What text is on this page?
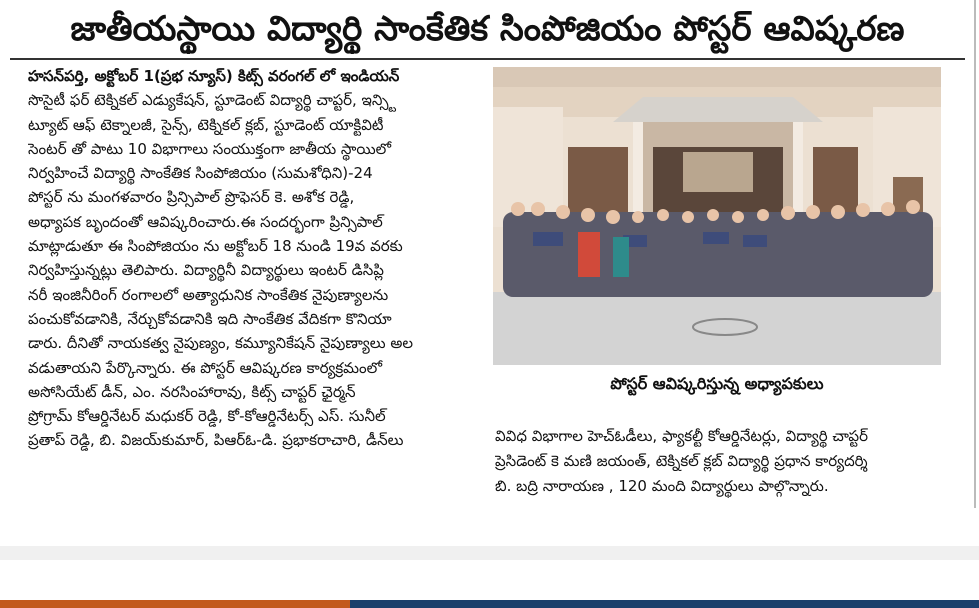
జాతీయస్థాయి విద్యార్థి సాంకేతిక సింపోజియం పోస్టర్ ఆవిష్కరణ
హసన్‌పర్తి, అక్టోబర్ 1(ప్రభ న్యూస్) కిట్స్ వరంగల్ లో ఇండియన్
సొసైటీ ఫర్ టెక్నికల్ ఎడ్యుకేషన్, స్టూడెంట్ విద్యార్థి చాప్టర్, ఇన్స్టి
ట్యూట్ ఆఫ్ టెక్నాలజీ, సైన్స్, టెక్నికల్ క్లబ్, స్టూడెంట్ యాక్టివిటీ
సెంటర్ తో పాటు 10 విభాగాలు సంయుక్తంగా జాతీయ స్థాయిలో
నిర్వహించే విద్యార్థి సాంకేతిక సింపోజియం (సుమశోధిని)-24
పోస్టర్ ను మంగళవారం ప్రిన్సిపాల్ ప్రొఫెసర్ కె. అశోక రెడ్డి,
అధ్యాపక బృందంతో ఆవిష్కరించారు.ఈ సందర్భంగా ప్రిన్సిపాల్
మాట్లాడుతూ ఈ సింపోజియం ను అక్టోబర్ 18 నుండి 19వ వరకు
నిర్వహిస్తున్నట్లు తెలిపారు. విద్యార్థినీ విద్యార్థులు ఇంటర్ డిసిప్లి
నరీ ఇంజినీరింగ్ రంగాలలో అత్యాధునిక సాంకేతిక నైపుణ్యాలను
పంచుకోవడానికి, నేర్చుకోవడానికి ఇది సాంకేతిక వేదికగా కొనియా
డారు. దీనితో నాయకత్వ నైపుణ్యం, కమ్యూనికేషన్ నైపుణ్యాలు అల
వడుతాయని పేర్కొన్నారు. ఈ పోస్టర్ ఆవిష్కరణ కార్యక్రమంలో
అసోసియేట్ డీన్, ఎం. నరసింహారావు, కిట్స్ చాప్టర్ ఛైర్మన్
ప్రోగ్రామ్ కోఆర్డినేటర్ మధుకర్ రెడ్డి, కో-కోఆర్డినేటర్స్ ఎస్. సునీల్
ప్రతాప్ రెడ్డి, బి. విజయ్‌కుమార్, పిఆర్ఓ-డి. ప్రభాకరాచారి, డీన్‌లు
పోస్టర్ ఆవిష్కరిస్తున్న అధ్యాపకులు
వివిధ విభాగాల హెచ్ఓడీలు, ఫ్యాకల్టీ కోఆర్డినేటర్లు, విద్యార్థి చాప్టర్
ప్రెసిడెంట్ కె మణి జయంత్, టెక్నికల్ క్లబ్ విద్యార్థి ప్రధాన కార్యదర్శి
బి. బద్రి నారాయణ , 120 మంది విద్యార్థులు పాల్గొన్నారు.
